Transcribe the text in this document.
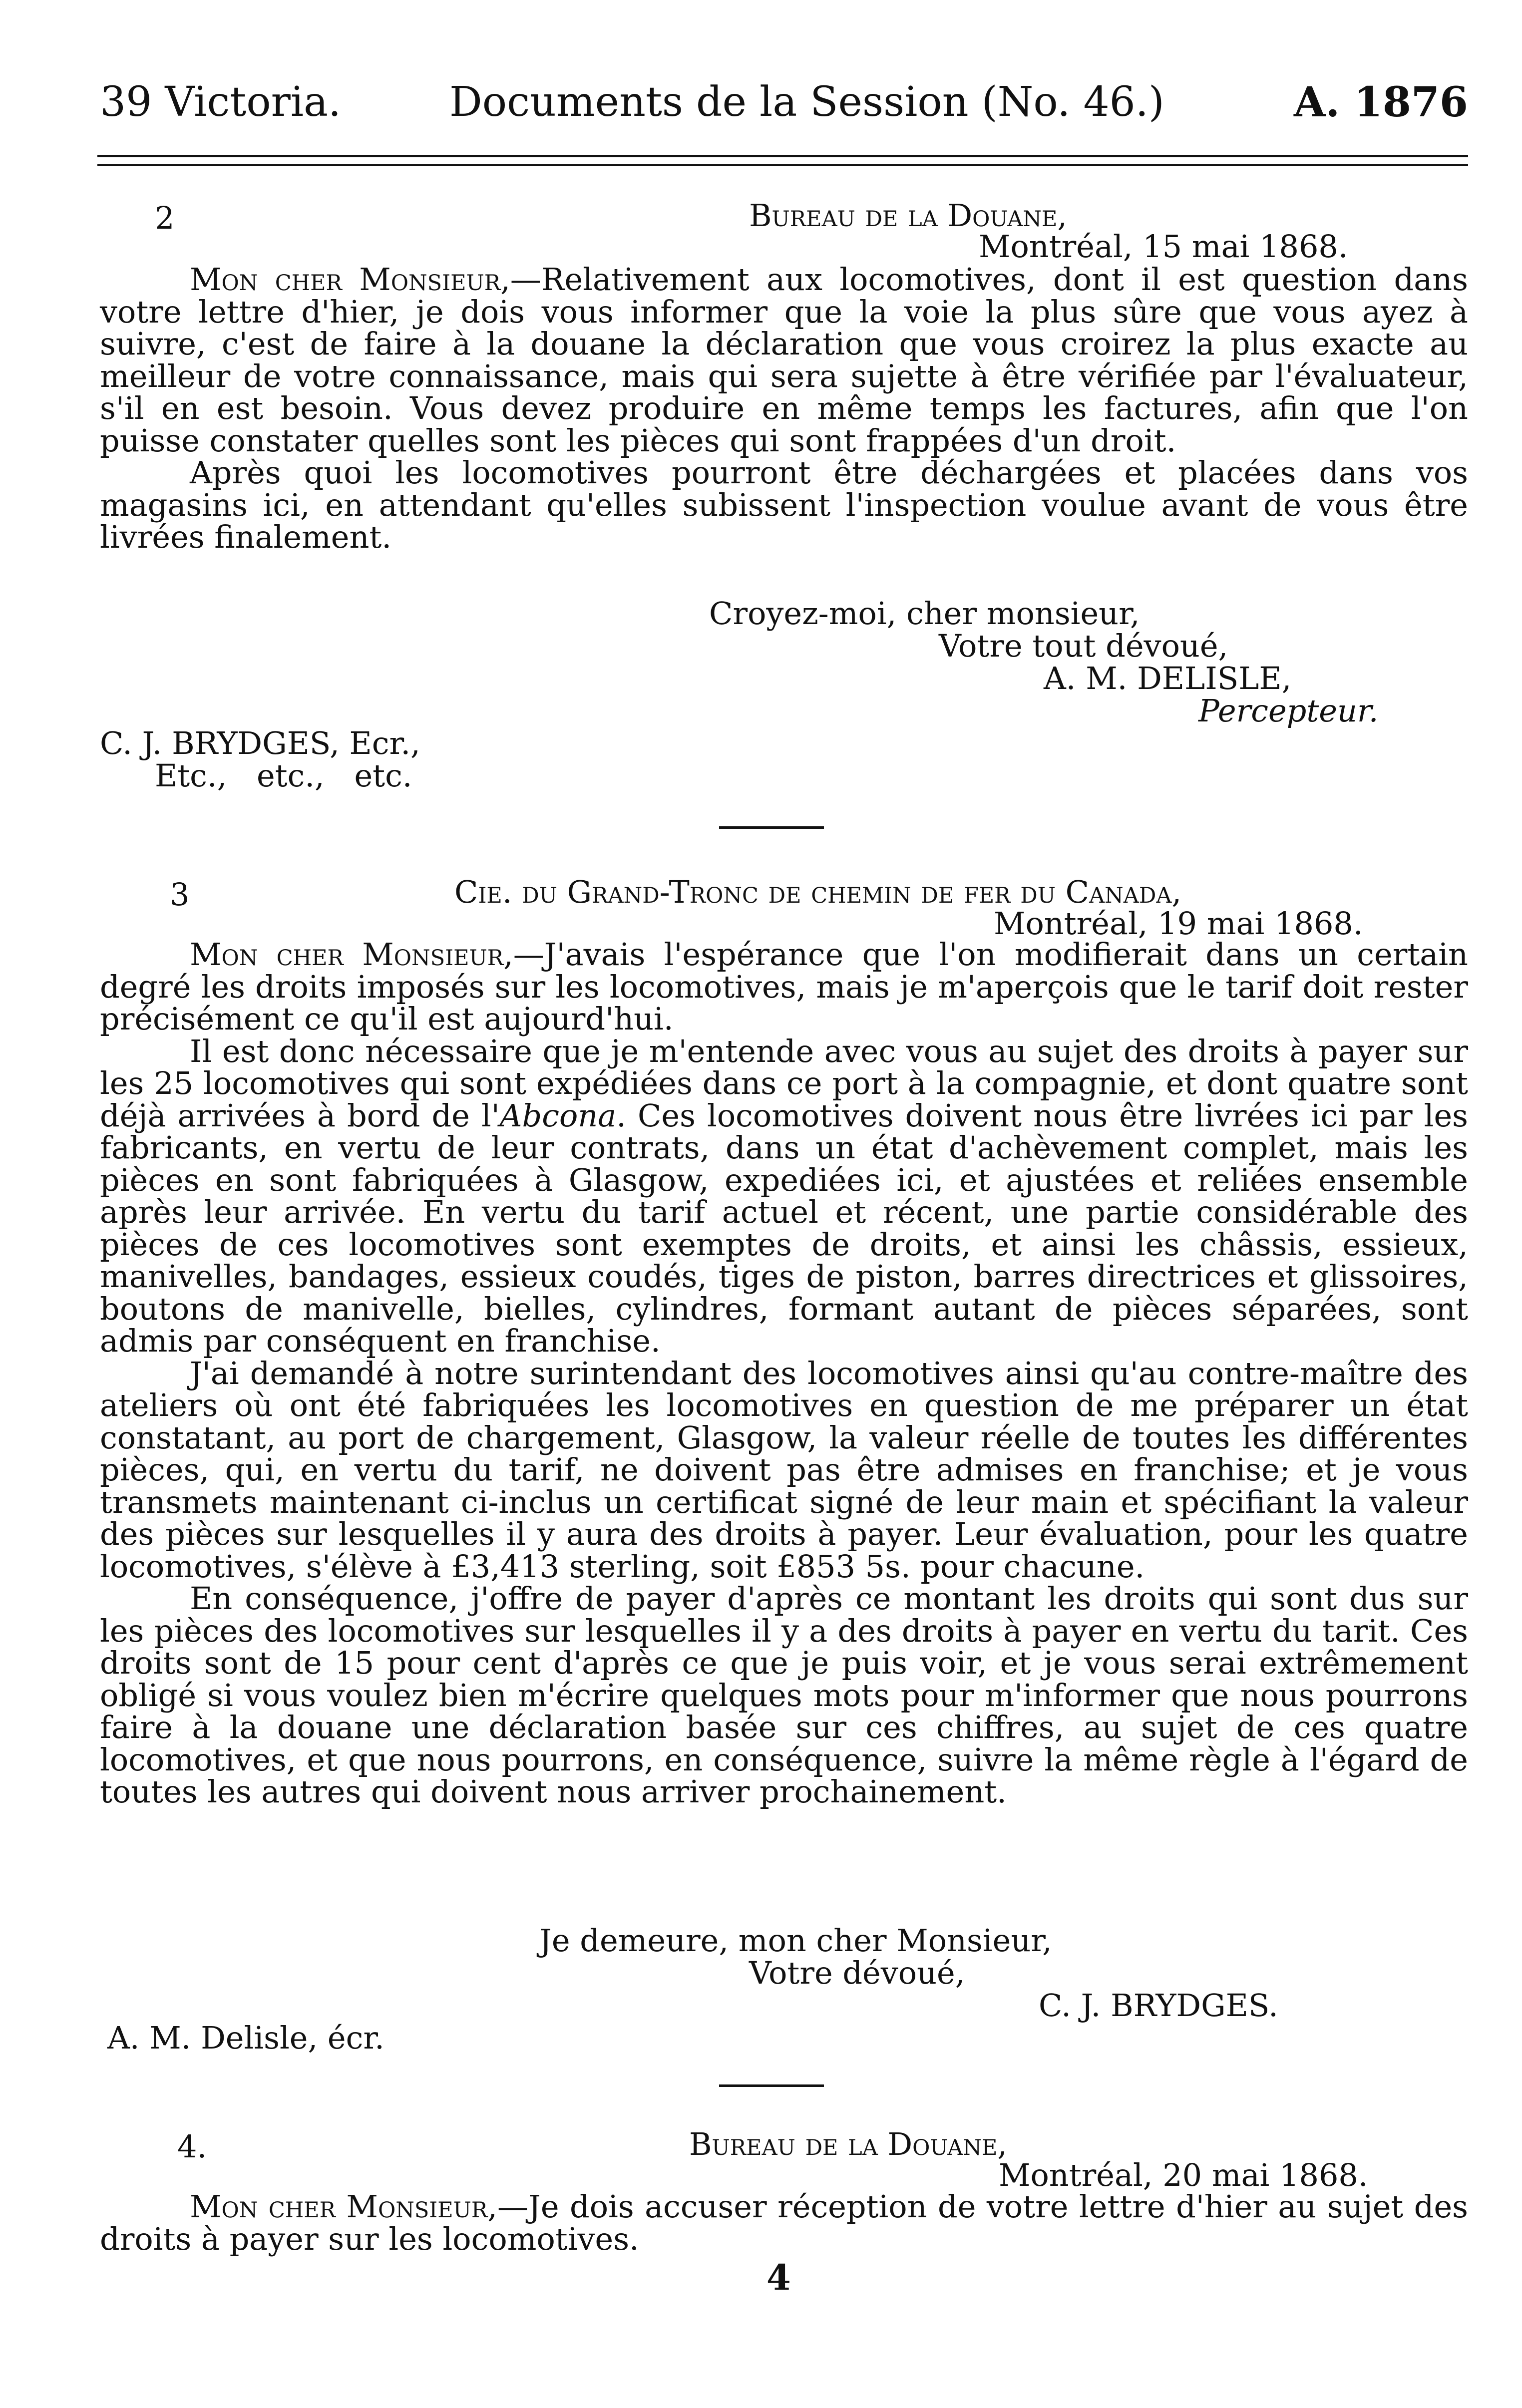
39 Victoria.	Documents de la Session (No. 46.)	A. 1876
2	Bureau de la Douane,
Montréal, 15 mai 1868.

Mon cher Monsieur,—Relativement aux locomotives, dont il est question dans votre lettre d'hier, je dois vous informer que la voie la plus sûre que vous ayez à suivre, c'est de faire à la douane la déclaration que vous croirez la plus exacte au meilleur de votre connaissance, mais qui sera sujette à être vérifiée par l'évaluateur, s'il en est besoin. Vous devez produire en même temps les factures, afin que l'on puisse constater quelles sont les pièces qui sont frappées d'un droit.

Après quoi les locomotives pourront être déchargées et placées dans vos magasins ici, en attendant qu'elles subissent l'inspection voulue avant de vous être livrées finalement.

Croyez-moi, cher monsieur,
Votre tout dévoué,
A. M. DELISLE,
Percepteur.
C. J. BRYDGES, Ecr.,
Etc., etc., etc.
3	Cie. du Grand-Tronc de chemin de fer du Canada,
Montréal, 19 mai 1868.

Mon cher Monsieur,—J'avais l'espérance que l'on modifierait dans un certain degré les droits imposés sur les locomotives, mais je m'aperçois que le tarif doit rester précisément ce qu'il est aujourd'hui.

Il est donc nécessaire que je m'entende avec vous au sujet des droits à payer sur les 25 locomotives qui sont expédiées dans ce port à la compagnie, et dont quatre sont déjà arrivées à bord de l'Abcona. Ces locomotives doivent nous être livrées ici par les fabricants, en vertu de leur contrats, dans un état d'achèvement complet, mais les pièces en sont fabriquées à Glasgow, expediées ici, et ajustées et reliées ensemble après leur arrivée. En vertu du tarif actuel et récent, une partie considérable des pièces de ces locomotives sont exemptes de droits, et ainsi les châssis, essieux, manivelles, bandages, essieux coudés, tiges de piston, barres directrices et glissoires, boutons de manivelle, bielles, cylindres, formant autant de pièces séparées, sont admis par conséquent en franchise.

J'ai demandé à notre surintendant des locomotives ainsi qu'au contre-maître des ateliers où ont été fabriquées les locomotives en question de me préparer un état constatant, au port de chargement, Glasgow, la valeur réelle de toutes les différentes pièces, qui, en vertu du tarif, ne doivent pas être admises en franchise; et je vous transmets maintenant ci-inclus un certificat signé de leur main et spécifiant la valeur des pièces sur lesquelles il y aura des droits à payer. Leur évaluation, pour les quatre locomotives, s'élève à £3,413 sterling, soit £853 5s. pour chacune.

En conséquence, j'offre de payer d'après ce montant les droits qui sont dus sur les pièces des locomotives sur lesquelles il y a des droits à payer en vertu du tarit. Ces droits sont de 15 pour cent d'après ce que je puis voir, et je vous serai extrêmement obligé si vous voulez bien m'écrire quelques mots pour m'informer que nous pourrons faire à la douane une déclaration basée sur ces chiffres, au sujet de ces quatre locomotives, et que nous pourrons, en conséquence, suivre la même règle à l'égard de toutes les autres qui doivent nous arriver prochainement.

Je demeure, mon cher Monsieur,
Votre dévoué,
C. J. BRYDGES.
A. M. Delisle, écr.
4.	Bureau de la Douane,
Montréal, 20 mai 1868.

Mon cher Monsieur,—Je dois accuser réception de votre lettre d'hier au sujet des droits à payer sur les locomotives.

4
